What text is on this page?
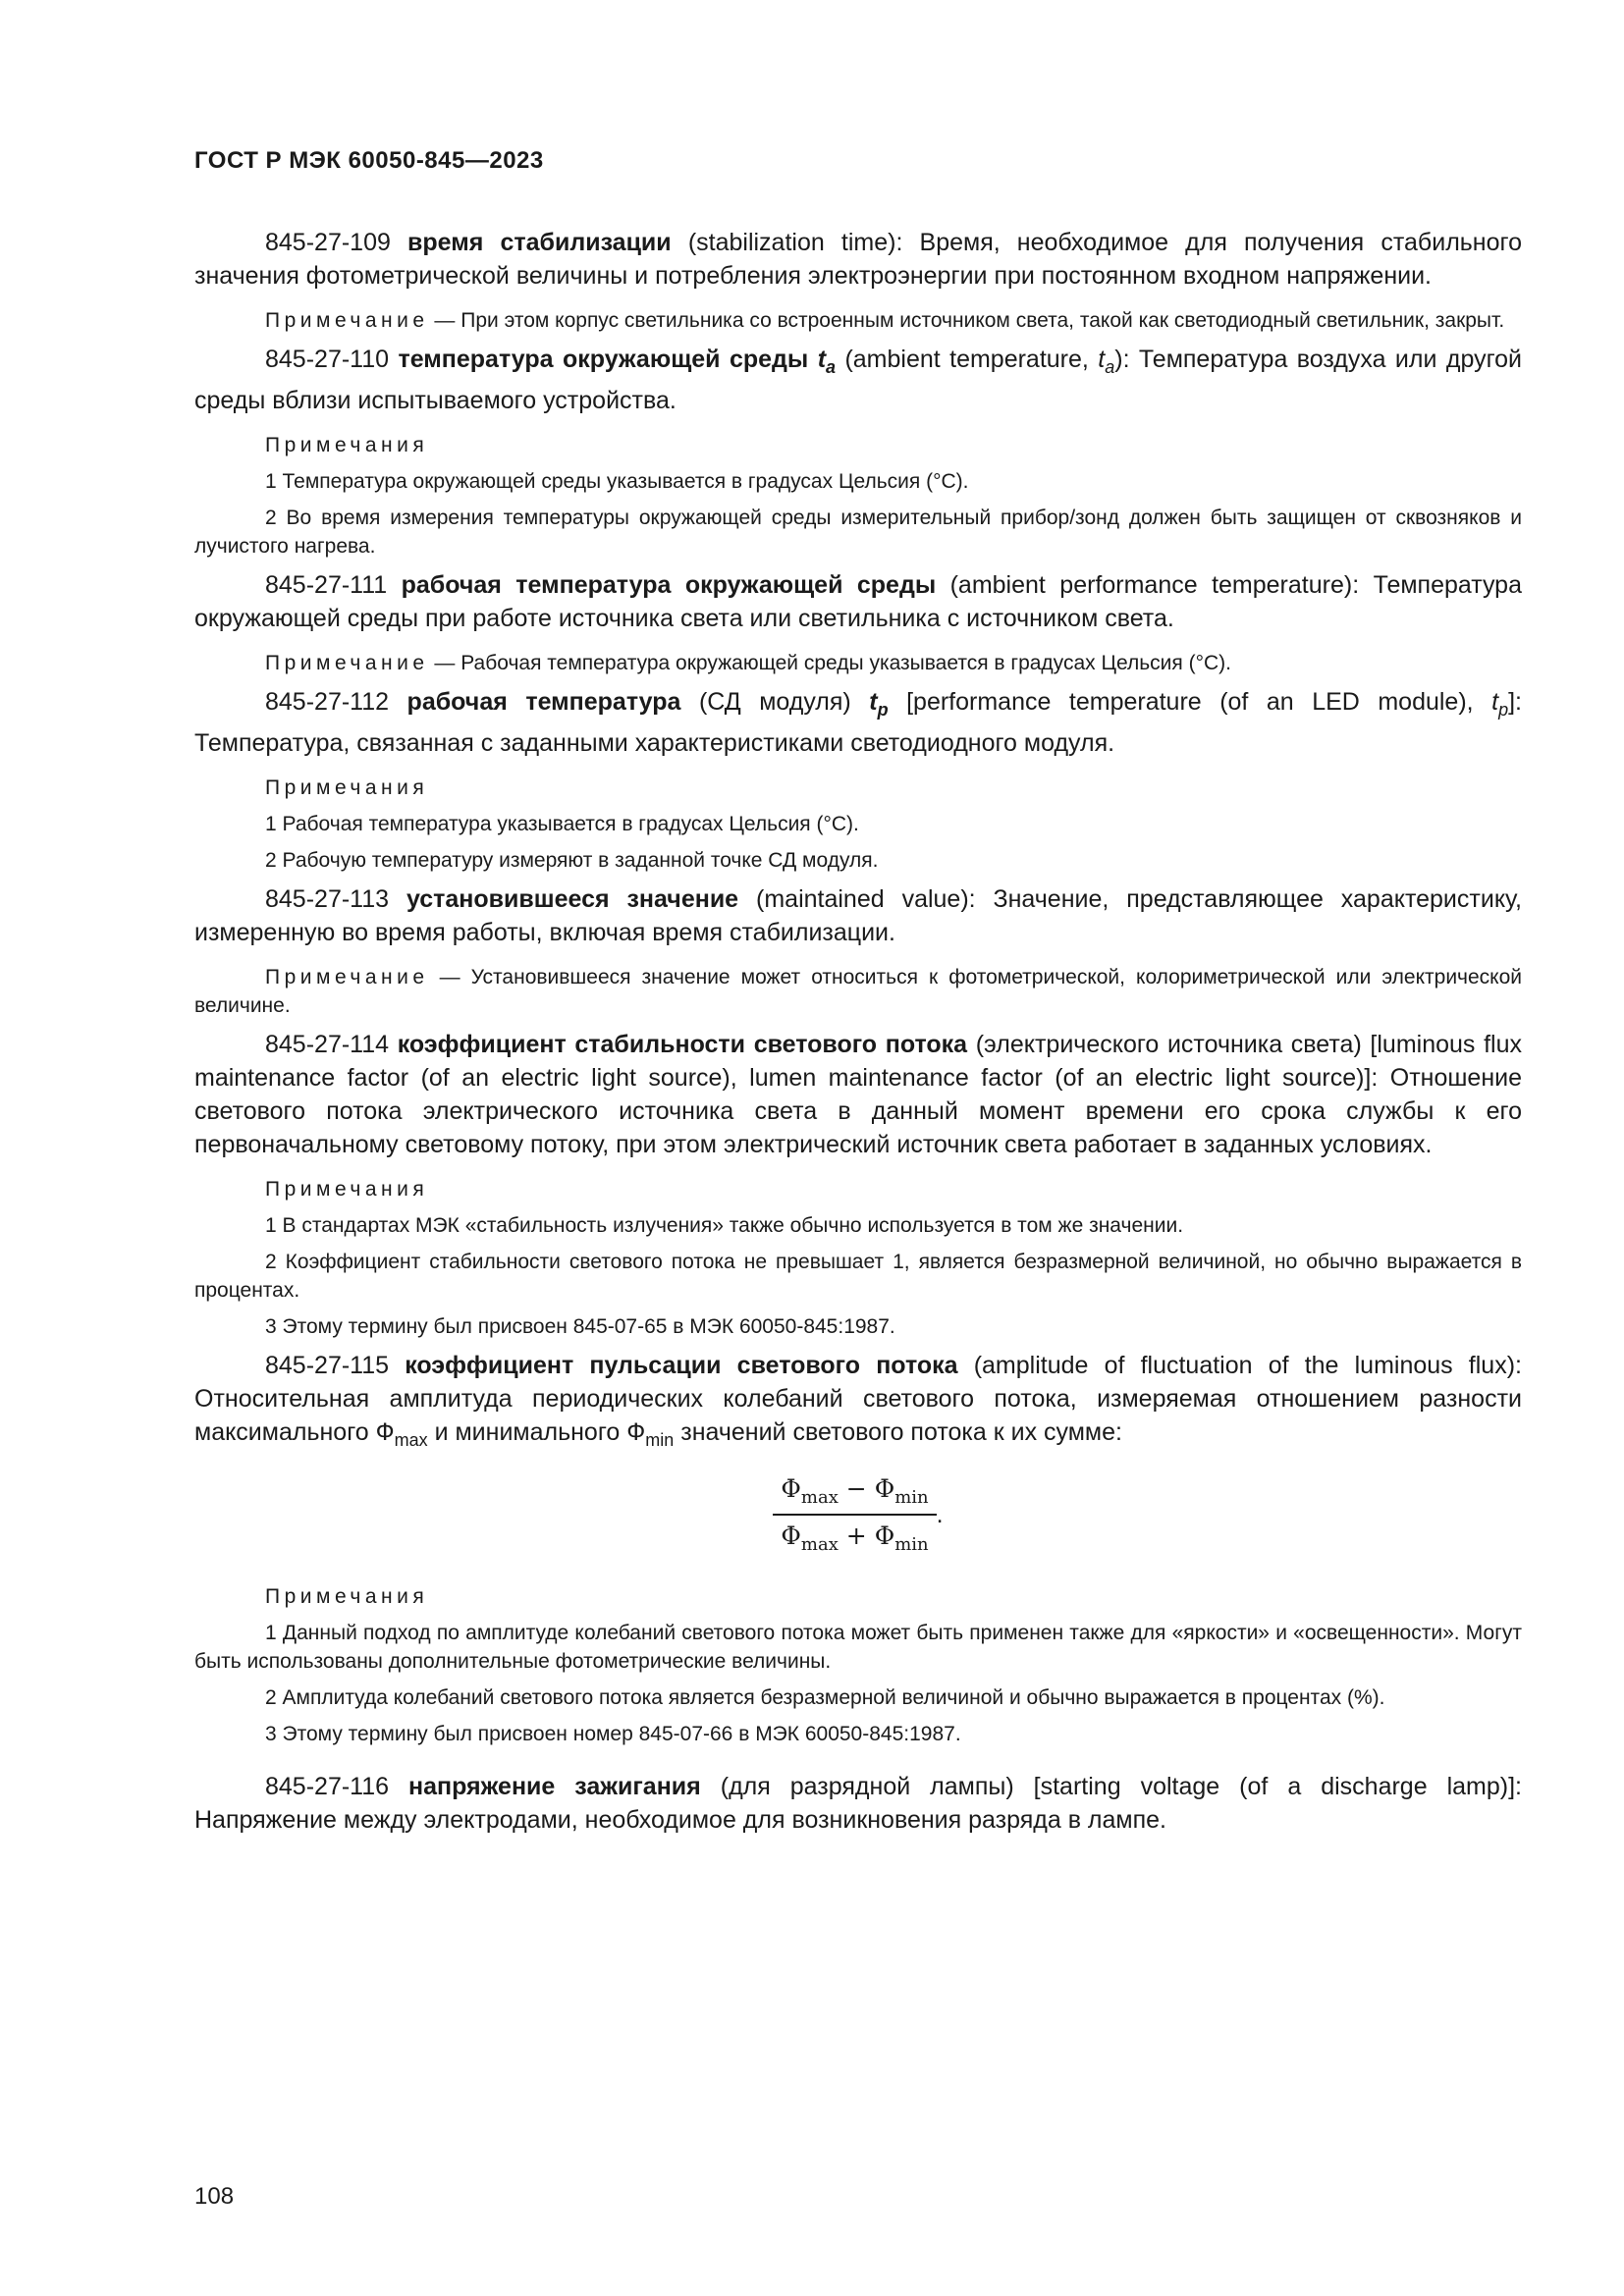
ГОСТ Р МЭК 60050-845—2023

845-27-109 время стабилизации (stabilization time): Время, необходимое для получения стабильного значения фотометрической величины и потребления электроэнергии при постоянном входном напряжении.

Примечание — При этом корпус светильника со встроенным источником света, такой как светодиодный светильник, закрыт.

845-27-110 температура окружающей среды $t_a$ (ambient temperature, $t_a$): Температура воздуха или другой среды вблизи испытываемого устройства.

Примечания

1 Температура окружающей среды указывается в градусах Цельсия (°С).

2 Во время измерения температуры окружающей среды измерительный прибор/зонд должен быть защищен от сквозняков и лучистого нагрева.

845-27-111 рабочая температура окружающей среды (ambient performance temperature): Температура окружающей среды при работе источника света или светильника с источником света.

Примечание — Рабочая температура окружающей среды указывается в градусах Цельсия (°С).

845-27-112 рабочая температура (СД модуля) $t_p$ [performance temperature (of an LED module), $t_p$]: Температура, связанная с заданными характеристиками светодиодного модуля.

Примечания

1 Рабочая температура указывается в градусах Цельсия (°С).

2 Рабочую температуру измеряют в заданной точке СД модуля.

845-27-113 установившееся значение (maintained value): Значение, представляющее характеристику, измеренную во время работы, включая время стабилизации.

Примечание — Установившееся значение может относиться к фотометрической, колориметрической или электрической величине.

845-27-114 коэффициент стабильности светового потока (электрического источника света) [luminous flux maintenance factor (of an electric light source), lumen maintenance factor (of an electric light source)]: Отношение светового потока электрического источника света в данный момент времени его срока службы к его первоначальному световому потоку, при этом электрический источник света работает в заданных условиях.

Примечания

1 В стандартах МЭК «стабильность излучения» также обычно используется в том же значении.

2 Коэффициент стабильности светового потока не превышает 1, является безразмерной величиной, но обычно выражается в процентах.

3 Этому термину был присвоен 845-07-65 в МЭК 60050-845:1987.

845-27-115 коэффициент пульсации светового потока (amplitude of fluctuation of the luminous flux): Относительная амплитуда периодических колебаний светового потока, измеряемая отношением разности максимального $Ф_{max}$ и минимального $Ф_{min}$ значений светового потока к их сумме:

$\frac{\Phi_{max} - \Phi_{min}}{\Phi_{max} + \Phi_{min}}$ .

Примечания

1 Данный подход по амплитуде колебаний светового потока может быть применен также для «яркости» и «освещенности». Могут быть использованы дополнительные фотометрические величины.

2 Амплитуда колебаний светового потока является безразмерной величиной и обычно выражается в процентах (%).

3 Этому термину был присвоен номер 845-07-66 в МЭК 60050-845:1987.

845-27-116 напряжение зажигания (для разрядной лампы) [starting voltage (of a discharge lamp)]: Напряжение между электродами, необходимое для возникновения разряда в лампе.

108
